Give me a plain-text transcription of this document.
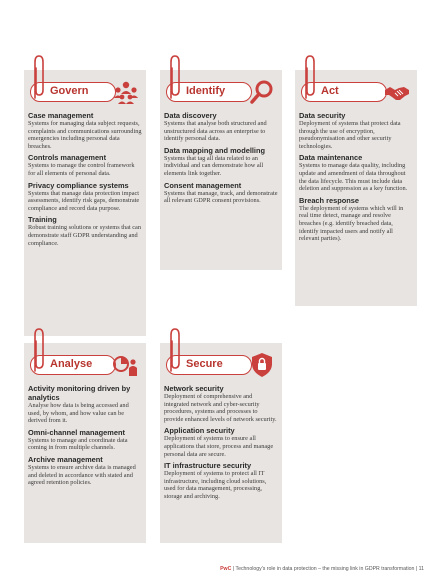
Govern
Case management

Systems for managing data subject requests, complaints and communications surrounding emergencies including personal data breaches.

Controls management

Systems to manage the control framework for all elements of personal data.

Privacy compliance systems

Systems that manage data protection impact assessments, identify risk gaps, demonstrate compliance and record data purpose.

Training

Robust training solutions or systems that can demonstrate staff GDPR understanding and compliance.

Identify
Data discovery

Systems that analyse both structured and unstructured data across an enterprise to identify personal data.

Data mapping and modelling

Systems that tag all data related to an individual and can demonstrate how all elements link together.

Consent management

Systems that manage, track, and demonstrate all relevant GDPR consent provisions.

Act
Data security

Deployment of systems that protect data through the use of encryption, pseudonymisation and other security technologies.

Data maintenance

Systems to manage data quality, including update and amendment of data throughout the data lifecycle. This must include data deletion and suppression as a key function.

Breach response

The deployment of systems which will in real time detect, manage and resolve breaches (e.g. identify breached data, identify impacted users and notify all relevant parties).

Analyse
Activity monitoring driven by analytics

Analyse how data is being accessed and used, by whom, and how value can be derived from it.

Omni-channel management

Systems to manage and coordinate data coming in from multiple channels.

Archive management

Systems to ensure archive data is managed and deleted in accordance with stated and agreed retention policies.

Secure
Network security

Deployment of comprehensive and integrated network and cyber-security procedures, systems and processes to provide enhanced levels of network security.

Application security

Deployment of systems to ensure all applications that store, process and manage personal data are secure.

IT infrastructure security

Deployment of systems to protect all IT infrastructure, including cloud solutions, used for data management, processing, storage and archiving.

PwC | Technology's role in data protection – the missing link in GDPR transformation | 11
